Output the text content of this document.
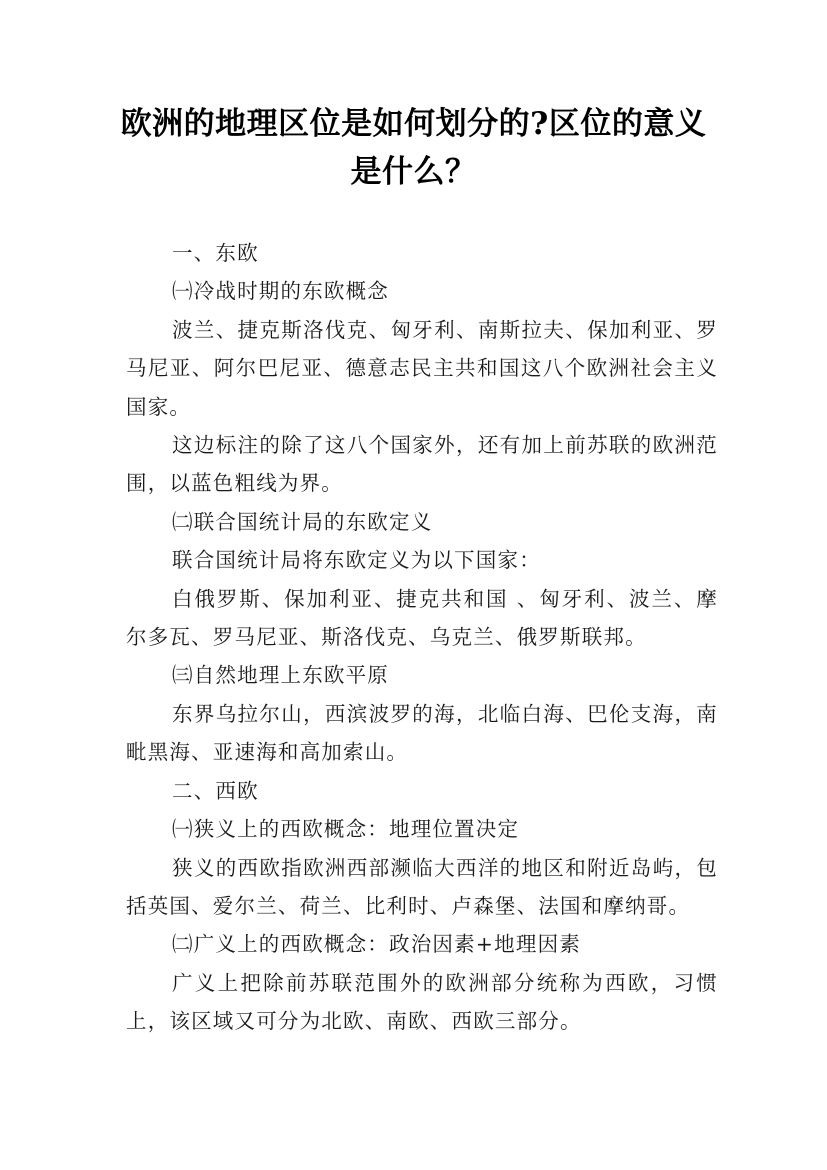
欧洲的地理区位是如何划分的?区位的意义是什么？

一、东欧

㈠冷战时期的东欧概念

波兰、捷克斯洛伐克、匈牙利、南斯拉夫、保加利亚、罗马尼亚、阿尔巴尼亚、德意志民主共和国这八个欧洲社会主义国家。

这边标注的除了这八个国家外，还有加上前苏联的欧洲范围，以蓝色粗线为界。

㈡联合国统计局的东欧定义

联合国统计局将东欧定义为以下国家：

白俄罗斯、保加利亚、捷克共和国 、匈牙利、波兰、摩尔多瓦、罗马尼亚、斯洛伐克、乌克兰、俄罗斯联邦。

㈢自然地理上东欧平原

东界乌拉尔山，西滨波罗的海，北临白海、巴伦支海，南毗黑海、亚速海和高加索山。

二、西欧

㈠狭义上的西欧概念：地理位置决定

狭义的西欧指欧洲西部濒临大西洋的地区和附近岛屿，包括英国、爱尔兰、荷兰、比利时、卢森堡、法国和摩纳哥。

㈡广义上的西欧概念：政治因素+地理因素

广义上把除前苏联范围外的欧洲部分统称为西欧，习惯上，该区域又可分为北欧、南欧、西欧三部分。
